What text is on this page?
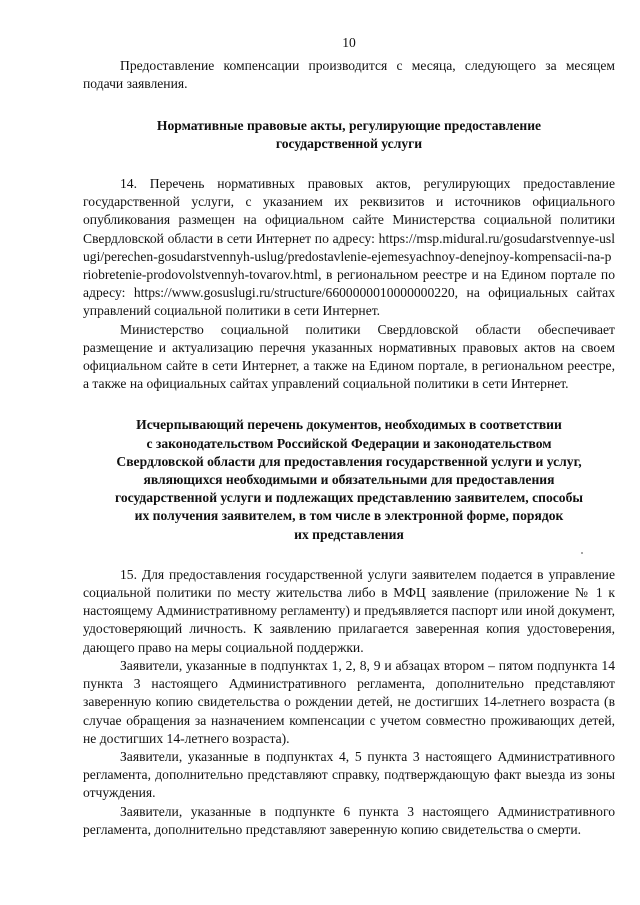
10

Предоставление компенсации производится с месяца, следующего за месяцем подачи заявления.

Нормативные правовые акты, регулирующие предоставление
государственной услуги

14. Перечень нормативных правовых актов, регулирующих предоставление государственной услуги, с указанием их реквизитов и источников официального опубликования размещен на официальном сайте Министерства социальной политики Свердловской области в сети Интернет по адресу: https://msp.midural.ru/gosudarstvennye-uslugi/perechen-gosudarstvennyh-uslug/predostavlenie-ejemesyachnoy-denejnoy-kompensacii-na-priobretenie-prodovolstvennyh-tovarov.html, в региональном реестре и на Едином портале по адресу: https://www.gosuslugi.ru/structure/6600000010000000220, на официальных сайтах управлений социальной политики в сети Интернет.

Министерство социальной политики Свердловской области обеспечивает размещение и актуализацию перечня указанных нормативных правовых актов на своем официальном сайте в сети Интернет, а также на Едином портале, в региональном реестре, а также на официальных сайтах управлений социальной политики в сети Интернет.

Исчерпывающий перечень документов, необходимых в соответствии
с законодательством Российской Федерации и законодательством
Свердловской области для предоставления государственной услуги и услуг,
являющихся необходимыми и обязательными для предоставления
государственной услуги и подлежащих представлению заявителем, способы
их получения заявителем, в том числе в электронной форме, порядок
их представления

15. Для предоставления государственной услуги заявителем подается в управление социальной политики по месту жительства либо в МФЦ заявление (приложение № 1 к настоящему Административному регламенту) и предъявляется паспорт или иной документ, удостоверяющий личность. К заявлению прилагается заверенная копия удостоверения, дающего право на меры социальной поддержки.

Заявители, указанные в подпунктах 1, 2, 8, 9 и абзацах втором – пятом подпункта 14 пункта 3 настоящего Административного регламента, дополнительно представляют заверенную копию свидетельства о рождении детей, не достигших 14-летнего возраста (в случае обращения за назначением компенсации с учетом совместно проживающих детей, не достигших 14-летнего возраста).

Заявители, указанные в подпунктах 4, 5 пункта 3 настоящего Административного регламента, дополнительно представляют справку, подтверждающую факт выезда из зоны отчуждения.

Заявители, указанные в подпункте 6 пункта 3 настоящего Административного регламента, дополнительно представляют заверенную копию свидетельства о смерти.
